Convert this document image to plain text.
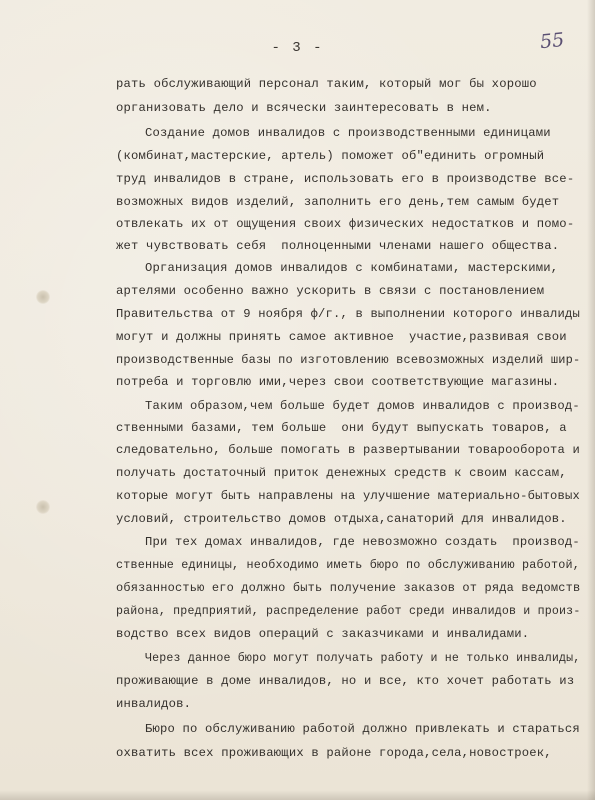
- 3 -	55
рать обслуживающий персонал таким, который мог бы хорошо
организовать дело и всячески заинтересовать в нем.
Создание домов инвалидов с производственными единицами
(комбинат,мастерские, артель) поможет об"единить огромный
труд инвалидов в стране, использовать его в производстве все-
возможных видов изделий, заполнить его день,тем самым будет
отвлекать их от ощущения своих физических недостатков и помо-
жет чувствовать себя  полноценными членами нашего общества.
Организация домов инвалидов с комбинатами, мастерскими,
артелями особенно важно ускорить в связи с постановлением
Правительства от 9 ноября ф/г., в выполнении которого инвалиды
могут и должны принять самое активное  участие,развивая свои
производственные базы по изготовлению всевозможных изделий шир-
потреба и торговлю ими,через свои соответствующие магазины.
Таким образом,чем больше будет домов инвалидов с производ-
ственными базами, тем больше  они будут выпускать товаров, а
следовательно, больше помогать в развертывании товарооборота и
получать достаточный приток денежных средств к своим кассам,
которые могут быть направлены на улучшение материально-бытовых
условий, строительство домов отдыха,санаторий для инвалидов.
При тех домах инвалидов, где невозможно создать  производ-
ственные единицы, необходимо иметь бюро по обслуживанию работой,
обязанностью его должно быть получение заказов от ряда ведомств
района, предприятий, распределение работ среди инвалидов и произ-
водство всех видов операций с заказчиками и инвалидами.
Через данное бюро могут получать работу и не только инвалиды,
проживающие в доме инвалидов, но и все, кто хочет работать из
инвалидов.
Бюро по обслуживанию работой должно привлекать и стараться
охватить всех проживающих в районе города,села,новостроек,
